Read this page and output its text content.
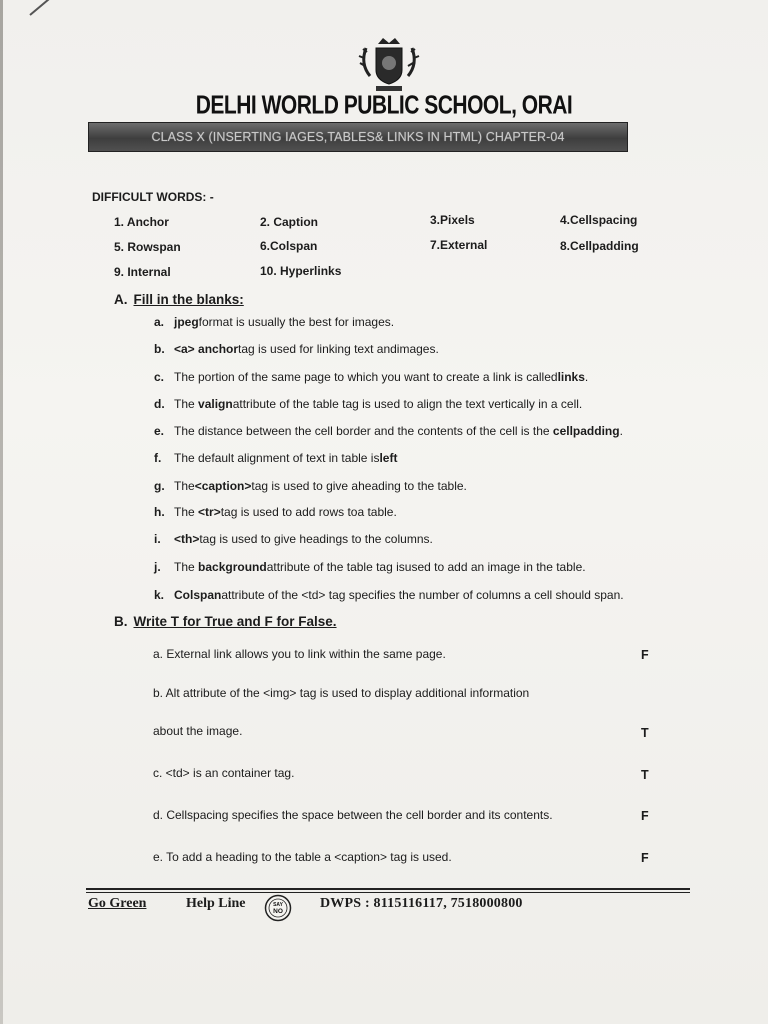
DELHI WORLD PUBLIC SCHOOL, ORAI
CLASS X (INSERTING IAGES,TABLES& LINKS IN HTML) CHAPTER-04
DIFFICULT WORDS: -
1. Anchor	2. Caption	3.Pixels	4.Cellspacing
5. Rowspan	6.Colspan	7.External	8.Cellpadding
9. Internal	10. Hyperlinks
A. Fill in the blanks:
a. jpegformat is usually the best for images.
b. <a> anchortag is used for linking text andimages.
c. The portion of the same page to which you want to create a link is calledlinks.
d. The valignattribute of the table tag is used to align the text vertically in a cell.
e. The distance between the cell border and the contents of the cell is the cellpadding.
f. The default alignment of text in table isleft
g. The<caption>tag is used to give aheading to the table.
h. The <tr>tag is used to add rows toa table.
i. <th>tag is used to give headings to the columns.
j. The backgroundattribute of the table tag isused to add an image in the table.
k. Colspanattribute of the <td> tag specifies the number of columns a cell should span.
B. Write T for True and F for False.
a. External link allows you to link within the same page.	F
b. Alt attribute of the <img> tag is used to display additional information
about the image.	T
c. <td> is an container tag.	T
d. Cellspacing specifies the space between the cell border and its contents.	F
e. To add a heading to the table a <caption> tag is used.	F
Go Green	Help Line	SAY
NO
DWPS : 8115116117, 7518000800
